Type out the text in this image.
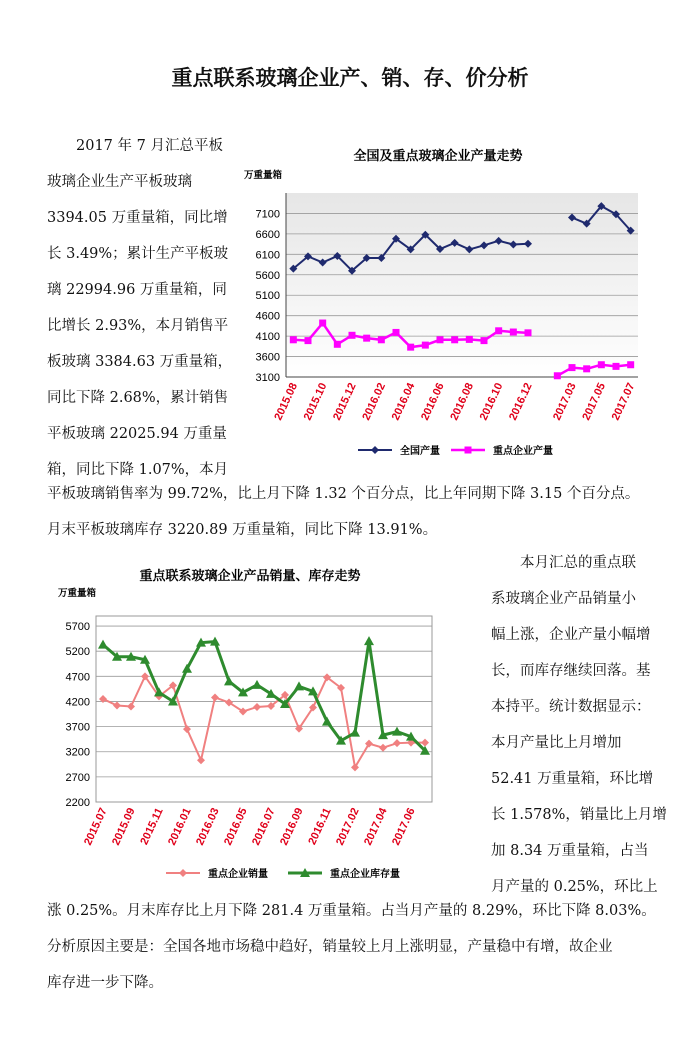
重点联系玻璃企业产、销、存、价分析
2017 年 7 月汇总平板
玻璃企业生产平板玻璃
3394.05 万重量箱，同比增
长 3.49%；累计生产平板玻
璃 22994.96 万重量箱，同
比增长 2.93%，本月销售平
板玻璃 3384.63 万重量箱，
同比下降 2.68%，累计销售
平板玻璃 22025.94 万重量
箱，同比下降 1.07%，本月
平板玻璃销售率为 99.72%，比上月下降 1.32 个百分点，比上年同期下降 3.15 个百分点。
月末平板玻璃库存 3220.89 万重量箱，同比下降 13.91%。
本月汇总的重点联
系玻璃企业产品销量小
幅上涨，企业产量小幅增
长，而库存继续回落。基
本持平。统计数据显示：
本月产量比上月增加
52.41 万重量箱，环比增
长 1.578%，销量比上月增
加 8.34 万重量箱，占当
月产量的 0.25%，环比上
涨 0.25%。月末库存比上月下降 281.4 万重量箱。占当月产量的 8.29%，环比下降 8.03%。
分析原因主要是：全国各地市场稳中趋好，销量较上月上涨明显，产量稳中有增，故企业
库存进一步下降。
全国及重点玻璃企业产量走势
万重量箱
3100
3600
4100
4600
5100
5600
6100
6600
7100
2015.08 2015.10 2015.12 2016.02 2016.04 2016.06 2016.08 2016.10 2016.12 2017.03 2017.05 2017.07
全国产量	重点企业产量
重点联系玻璃企业产品销量、库存走势
万重量箱
2200
2700
3200
3700
4200
4700
5200
5700
2015.07 2015.09 2015.11 2016.01 2016.03 2016.05 2016.07 2016.09 2016.11 2017.02 2017.04 2017.06
重点企业销量	重点企业库存量
